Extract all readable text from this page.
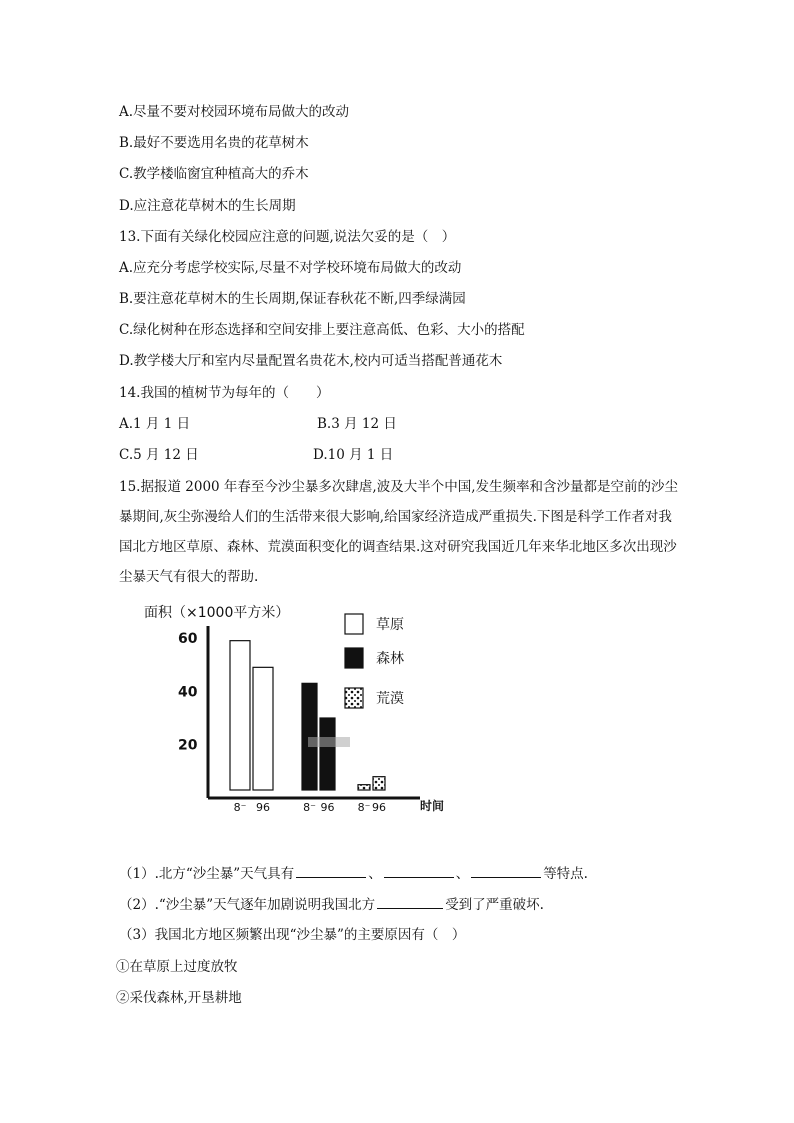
A.尽量不要对校园环境布局做大的改动
B.最好不要选用名贵的花草树木
C.教学楼临窗宜种植高大的乔木
D.应注意花草树木的生长周期
13.下面有关绿化校园应注意的问题,说法欠妥的是（　）
A.应充分考虑学校实际,尽量不对学校环境布局做大的改动
B.要注意花草树木的生长周期,保证春秋花不断,四季绿满园
C.绿化树种在形态选择和空间安排上要注意高低、色彩、大小的搭配
D.教学楼大厅和室内尽量配置名贵花木,校内可适当搭配普通花木
14.我国的植树节为每年的（　　）
A.1 月 1 日	B.3 月 12 日
C.5 月 12 日	D.10 月 1 日
15.据报道 2000 年春至今沙尘暴多次肆虐,波及大半个中国,发生频率和含沙量都是空前的沙尘暴期间,灰尘弥漫给人们的生活带来很大影响,给国家经济造成严重损失.下图是科学工作者对我国北方地区草原、森林、荒漠面积变化的调查结果.这对研究我国近几年来华北地区多次出现沙尘暴天气有很大的帮助.
面积（×1000平方米）
20
40
60
时间
8⁻ 96	8⁻ 96 8⁻ 96
草原
森林
荒漠
（1）.北方“沙尘暴”天气具有	、	、	等特点.
（2）.“沙尘暴”天气逐年加剧说明我国北方	受到了严重破坏.
（3）我国北方地区频繁出现“沙尘暴”的主要原因有（　）
①在草原上过度放牧
②采伐森林,开垦耕地
